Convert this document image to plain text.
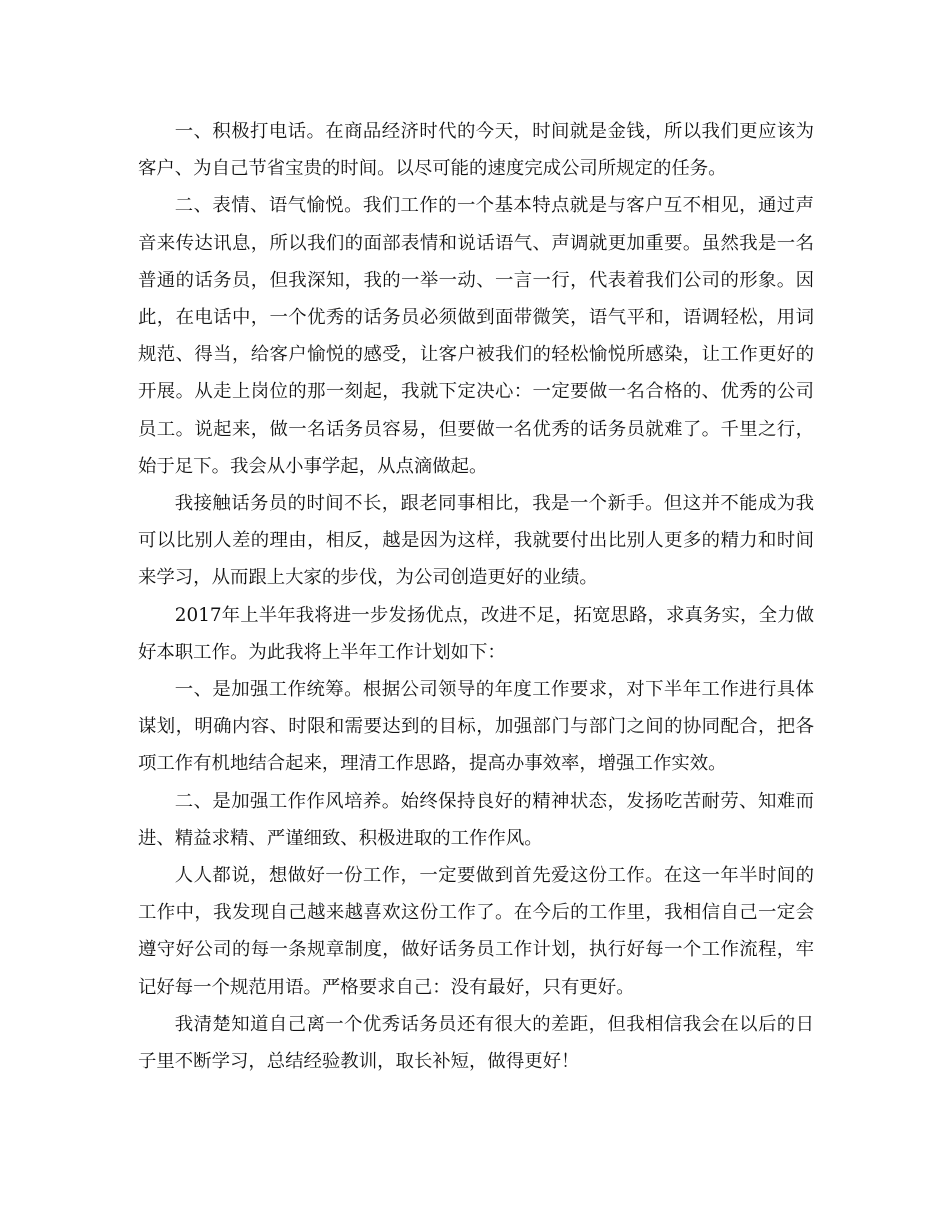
一、积极打电话。在商品经济时代的今天，时间就是金钱，所以我们更应该为客户、为自己节省宝贵的时间。以尽可能的速度完成公司所规定的任务。

二、表情、语气愉悦。我们工作的一个基本特点就是与客户互不相见，通过声音来传达讯息，所以我们的面部表情和说话语气、声调就更加重要。虽然我是一名普通的话务员，但我深知，我的一举一动、一言一行，代表着我们公司的形象。因此，在电话中，一个优秀的话务员必须做到面带微笑，语气平和，语调轻松，用词规范、得当，给客户愉悦的感受，让客户被我们的轻松愉悦所感染，让工作更好的开展。从走上岗位的那一刻起，我就下定决心：一定要做一名合格的、优秀的公司员工。说起来，做一名话务员容易，但要做一名优秀的话务员就难了。千里之行，始于足下。我会从小事学起，从点滴做起。

我接触话务员的时间不长，跟老同事相比，我是一个新手。但这并不能成为我可以比别人差的理由，相反，越是因为这样，我就要付出比别人更多的精力和时间来学习，从而跟上大家的步伐，为公司创造更好的业绩。

2017年上半年我将进一步发扬优点，改进不足，拓宽思路，求真务实，全力做好本职工作。为此我将上半年工作计划如下：

一、是加强工作统筹。根据公司领导的年度工作要求，对下半年工作进行具体谋划，明确内容、时限和需要达到的目标，加强部门与部门之间的协同配合，把各项工作有机地结合起来，理清工作思路，提高办事效率，增强工作实效。

二、是加强工作作风培养。始终保持良好的精神状态，发扬吃苦耐劳、知难而进、精益求精、严谨细致、积极进取的工作作风。

人人都说，想做好一份工作，一定要做到首先爱这份工作。在这一年半时间的工作中，我发现自己越来越喜欢这份工作了。在今后的工作里，我相信自己一定会遵守好公司的每一条规章制度，做好话务员工作计划，执行好每一个工作流程，牢记好每一个规范用语。严格要求自己：没有最好，只有更好。

我清楚知道自己离一个优秀话务员还有很大的差距，但我相信我会在以后的日子里不断学习，总结经验教训，取长补短，做得更好！
